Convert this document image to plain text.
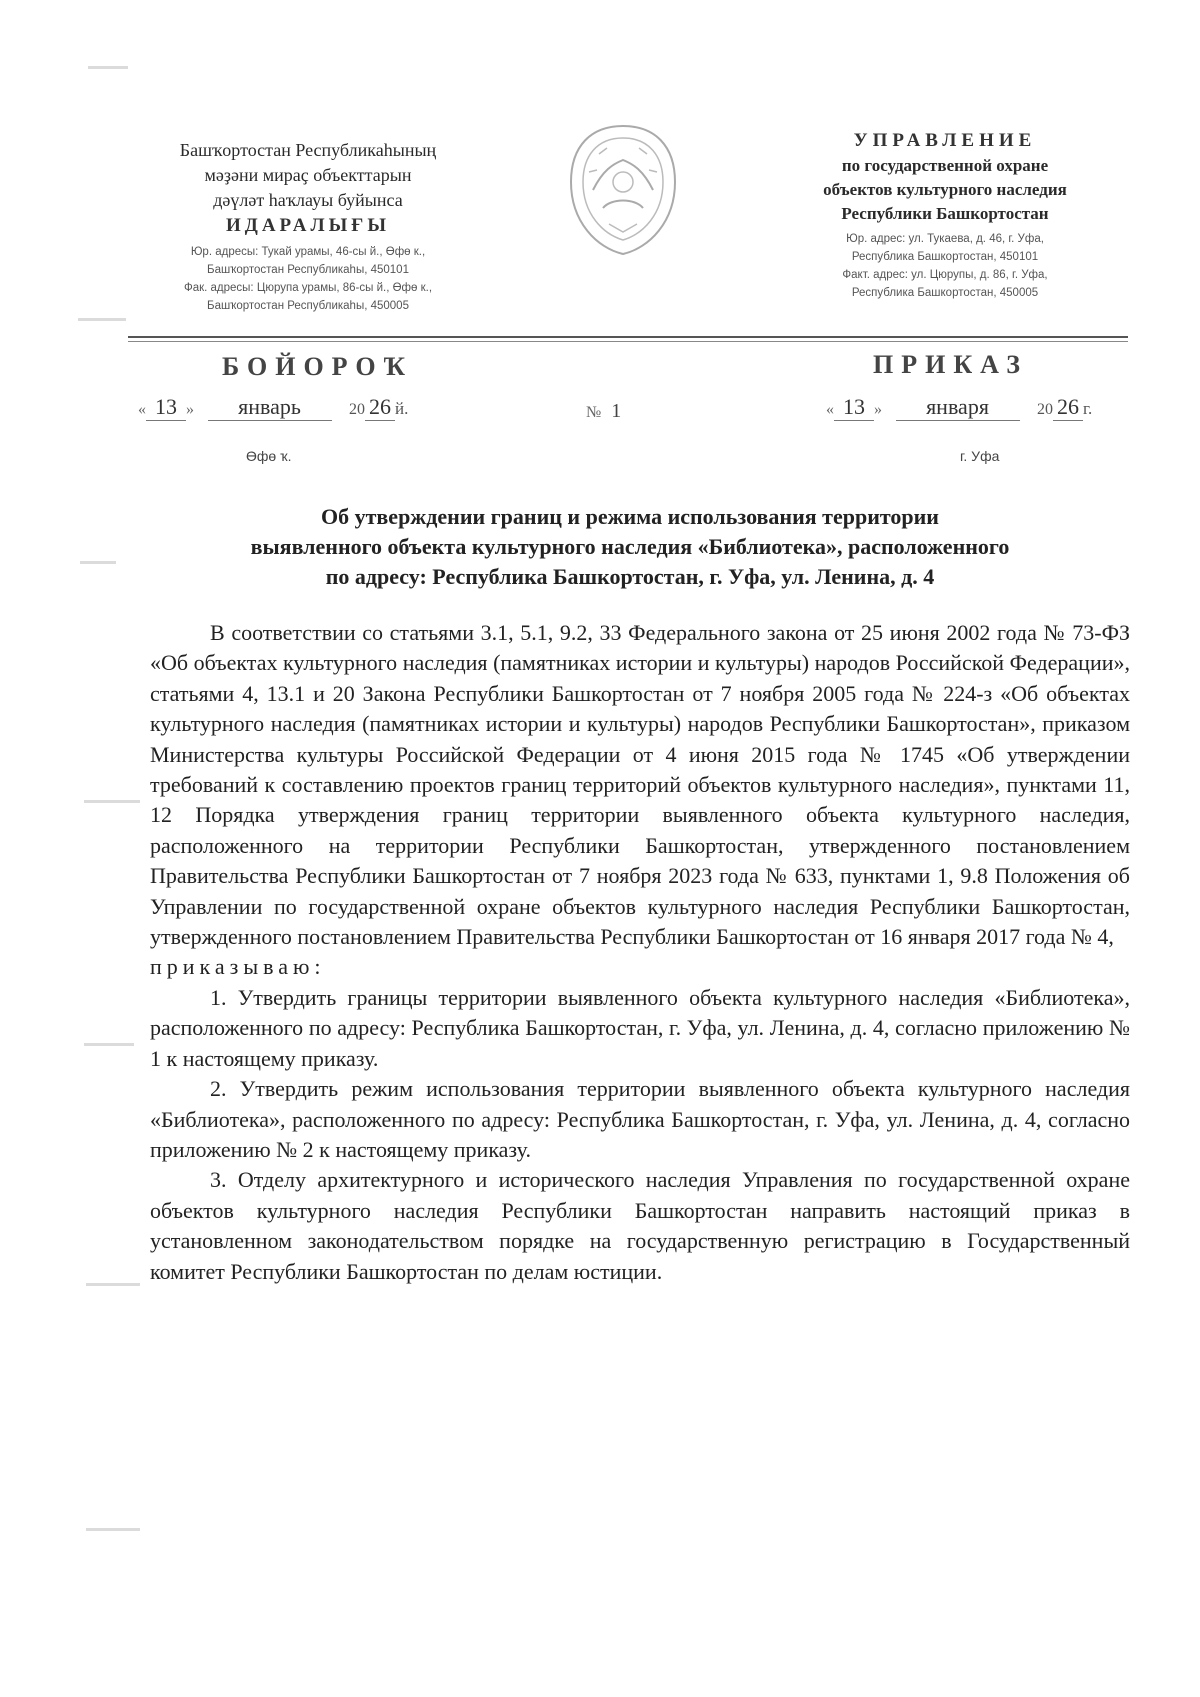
Башҡортостан Республикаһының
мәҙәни мираҫ объекттарын
дәүләт һаҡлауы буйынса
ИДАРАЛЫҒЫ
Юр. адресы: Тукай урамы, 46-сы й., Өфө к.,
Башҡортостан Республикаһы, 450101
Фак. адресы: Цюрупа урамы, 86-сы й., Өфө к.,
Башҡортостан Республикаһы, 450005
УПРАВЛЕНИЕ
по государственной охране
объектов культурного наследия
Республики Башкортостан
Юр. адрес: ул. Тукаева, д. 46, г. Уфа,
Республика Башкортостан, 450101
Факт. адрес: ул. Цюрупы, д. 86, г. Уфа,
Республика Башкортостан, 450005
БОЙОРОҠ	ПРИКАЗ
« 13 » январь	20 26 й.	№ 1	« 13 » января	20 26 г.
Өфө ҡ.	г. Уфа
Об утверждении границ и режима использования территории
выявленного объекта культурного наследия «Библиотека», расположенного
по адресу: Республика Башкортостан, г. Уфа, ул. Ленина, д. 4

В соответствии со статьями 3.1, 5.1, 9.2, 33 Федерального закона от 25 июня 2002 года № 73-ФЗ «Об объектах культурного наследия (памятниках истории и культуры) народов Российской Федерации», статьями 4, 13.1 и 20 Закона Республики Башкортостан от 7 ноября 2005 года № 224-з «Об объектах культурного наследия (памятниках истории и культуры) народов Республики Башкортостан», приказом Министерства культуры Российской Федерации от 4 июня 2015 года № 1745 «Об утверждении требований к составлению проектов границ территорий объектов культурного наследия», пунктами 11, 12 Порядка утверждения границ территории выявленного объекта культурного наследия, расположенного на территории Республики Башкортостан, утвержденного постановлением Правительства Республики Башкортостан от 7 ноября 2023 года № 633, пунктами 1, 9.8 Положения об Управлении по государственной охране объектов культурного наследия Республики Башкортостан, утвержденного постановлением Правительства Республики Башкортостан от 16 января 2017 года № 4,
приказываю:

1. Утвердить границы территории выявленного объекта культурного наследия «Библиотека», расположенного по адресу: Республика Башкортостан, г. Уфа, ул. Ленина, д. 4, согласно приложению № 1 к настоящему приказу.

2. Утвердить режим использования территории выявленного объекта культурного наследия «Библиотека», расположенного по адресу: Республика Башкортостан, г. Уфа, ул. Ленина, д. 4, согласно приложению № 2 к настоящему приказу.

3. Отделу архитектурного и исторического наследия Управления по государственной охране объектов культурного наследия Республики Башкортостан направить настоящий приказ в установленном законодательством порядке на государственную регистрацию в Государственный комитет Республики Башкортостан по делам юстиции.
